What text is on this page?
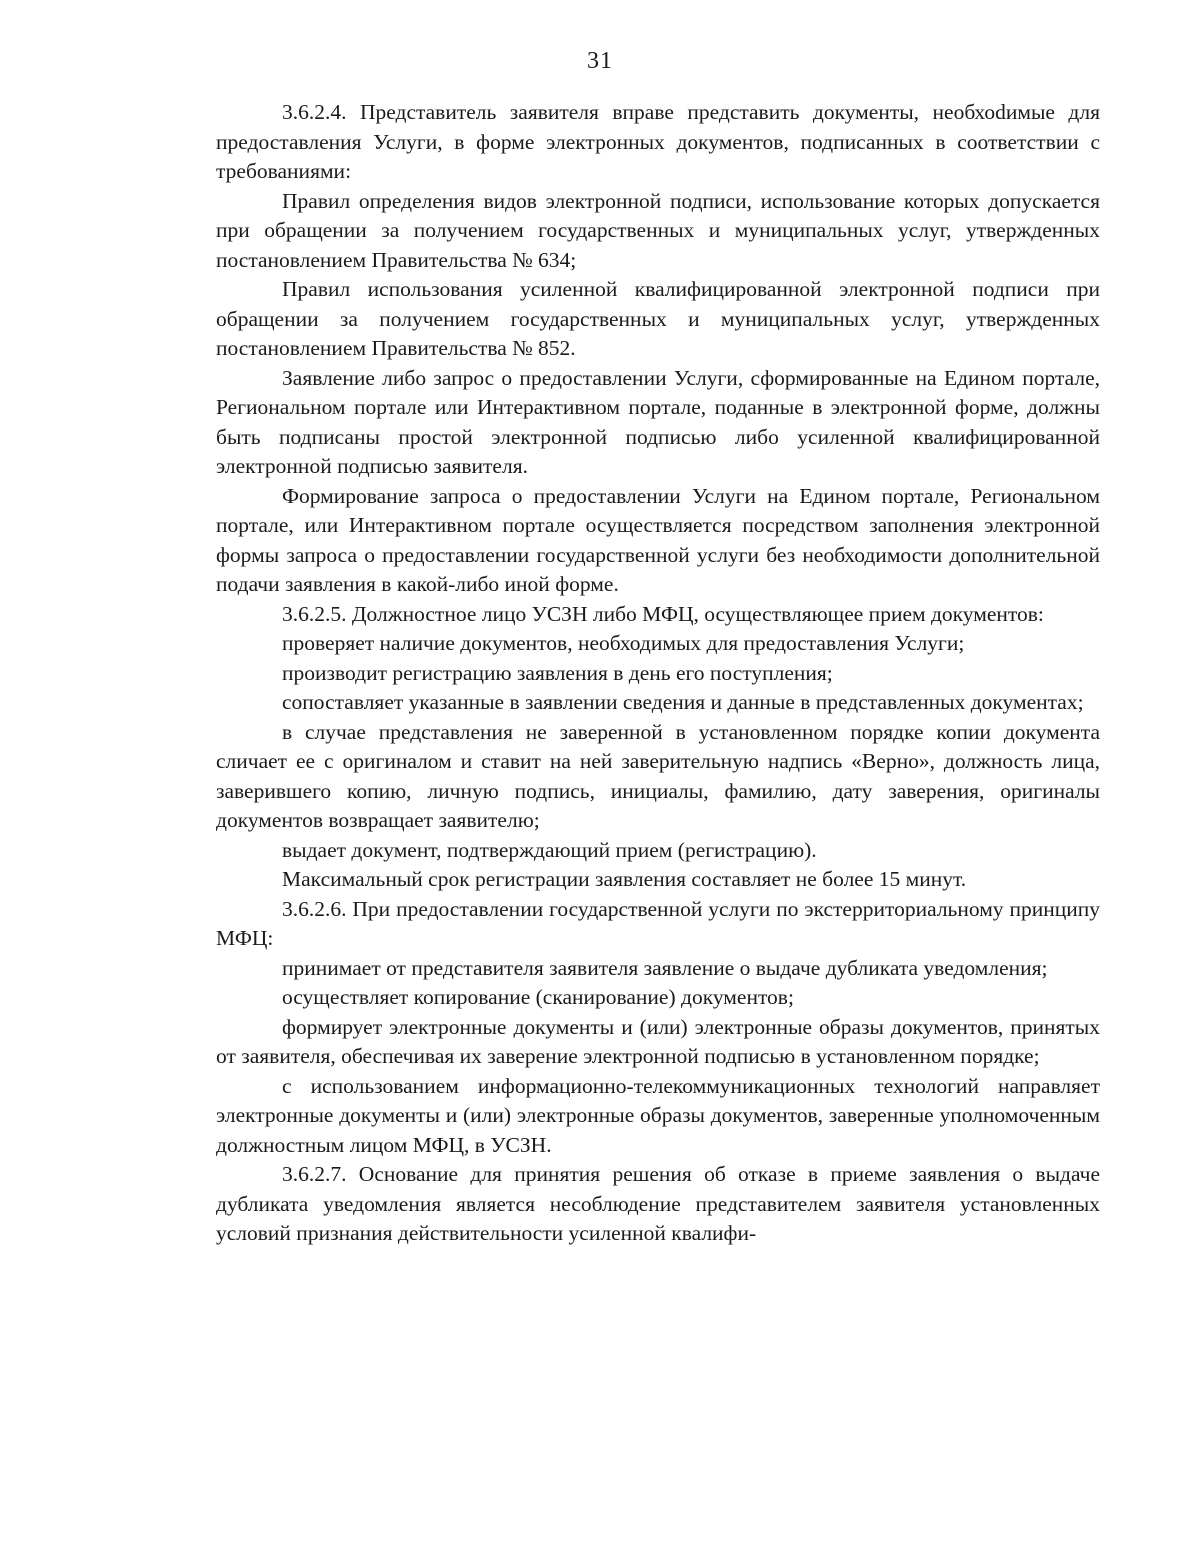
31

3.6.2.4. Представитель заявителя вправе представить документы, необхоdимые для предоставления Услуги, в форме электронных документов, подписанных в соответствии с требованиями:

Правил определения видов электронной подписи, использование которых допускается при обращении за получением государственных и муниципальных услуг, утвержденных постановлением Правительства № 634;

Правил использования усиленной квалифицированной электронной подписи при обращении за получением государственных и муниципальных услуг, утвержденных постановлением Правительства № 852.

Заявление либо запрос о предоставлении Услуги, сформированные на Едином портале, Региональном портале или Интерактивном портале, поданные в электронной форме, должны быть подписаны простой электронной подписью либо усиленной квалифицированной электронной подписью заявителя.

Формирование запроса о предоставлении Услуги на Едином портале, Региональном портале, или Интерактивном портале осуществляется посредством заполнения электронной формы запроса о предоставлении государственной услуги без необходимости дополнительной подачи заявления в какой-либо иной форме.

3.6.2.5. Должностное лицо УСЗН либо МФЦ, осуществляющее прием документов:

проверяет наличие документов, необходимых для предоставления Услуги;

производит регистрацию заявления в день его поступления;

сопоставляет указанные в заявлении сведения и данные в представленных документах;

в случае представления не заверенной в установленном порядке копии документа сличает ее с оригиналом и ставит на ней заверительную надпись «Верно», должность лица, заверившего копию, личную подпись, инициалы, фамилию, дату заверения, оригиналы документов возвращает заявителю;

выдает документ, подтверждающий прием (регистрацию).

Максимальный срок регистрации заявления составляет не более 15 минут.

3.6.2.6. При предоставлении государственной услуги по экстерриториальному принципу МФЦ:

принимает от представителя заявителя заявление о выдаче дубликата уведомления;

осуществляет копирование (сканирование) документов;

формирует электронные документы и (или) электронные образы документов, принятых от заявителя, обеспечивая их заверение электронной подписью в установленном порядке;

с использованием информационно-телекоммуникационных технологий направляет электронные документы и (или) электронные образы документов, заверенные уполномоченным должностным лицом МФЦ, в УСЗН.

3.6.2.7. Основание для принятия решения об отказе в приеме заявления о выдаче дубликата уведомления является несоблюдение представителем заявителя установленных условий признания действительности усиленной квалифи-
